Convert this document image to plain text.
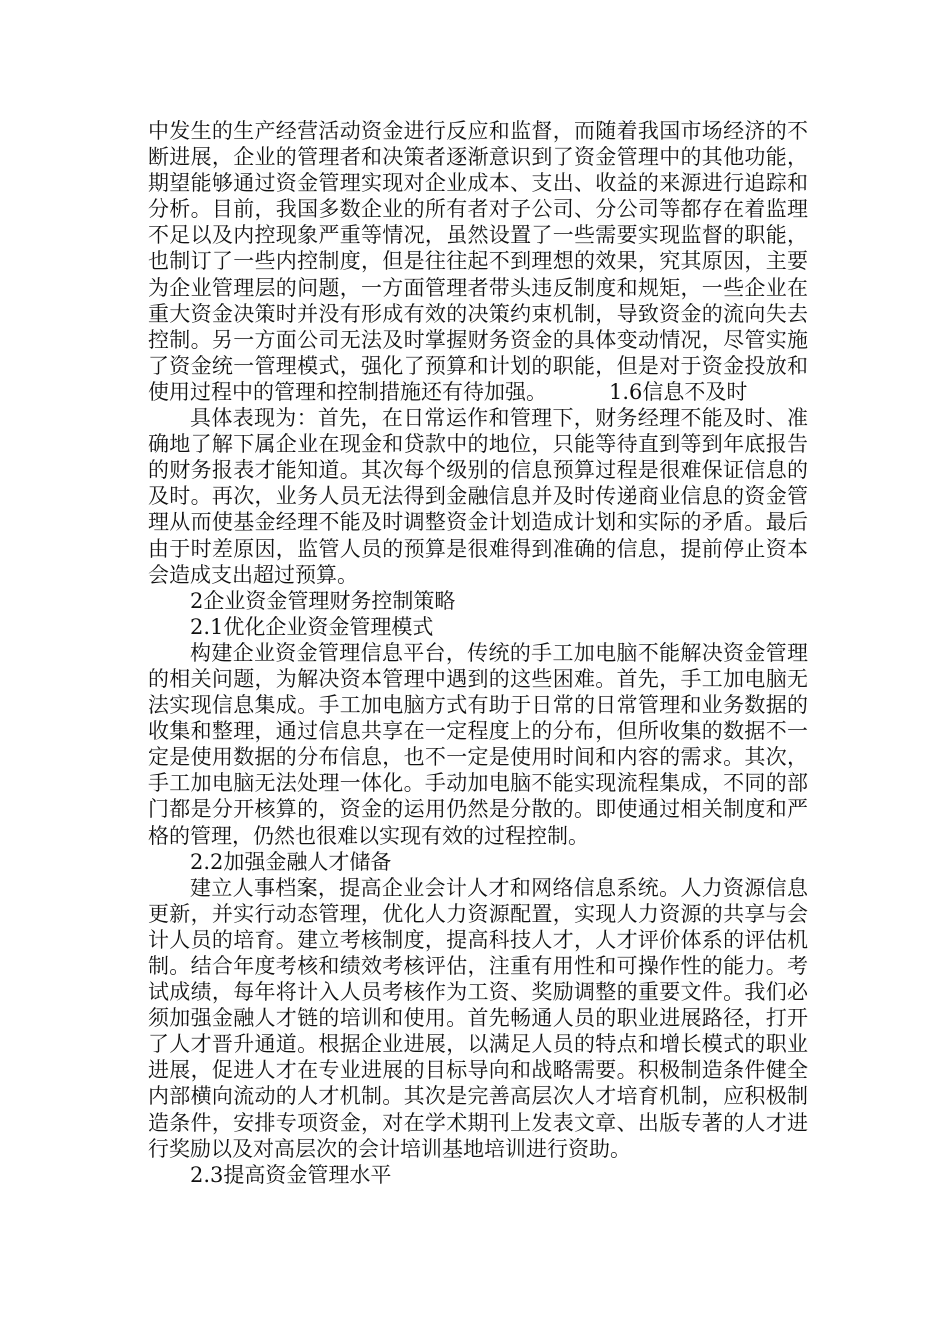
中发生的生产经营活动资金进行反应和监督，而随着我国市场经济的不断进展，企业的管理者和决策者逐渐意识到了资金管理中的其他功能，期望能够通过资金管理实现对企业成本、支出、收益的来源进行追踪和分析。目前，我国多数企业的所有者对子公司、分公司等都存在着监理不足以及内控现象严重等情况，虽然设置了一些需要实现监督的职能，也制订了一些内控制度，但是往往起不到理想的效果，究其原因，主要为企业管理层的问题，一方面管理者带头违反制度和规矩，一些企业在重大资金决策时并没有形成有效的决策约束机制，导致资金的流向失去控制。另一方面公司无法及时掌握财务资金的具体变动情况，尽管实施了资金统一管理模式，强化了预算和计划的职能，但是对于资金投放和使用过程中的管理和控制措施还有待加强。	1.6信息不及时

具体表现为：首先，在日常运作和管理下，财务经理不能及时、准确地了解下属企业在现金和贷款中的地位，只能等待直到等到年底报告的财务报表才能知道。其次每个级别的信息预算过程是很难保证信息的及时。再次，业务人员无法得到金融信息并及时传递商业信息的资金管理从而使基金经理不能及时调整资金计划造成计划和实际的矛盾。最后由于时差原因，监管人员的预算是很难得到准确的信息，提前停止资本会造成支出超过预算。

2企业资金管理财务控制策略

2.1优化企业资金管理模式

构建企业资金管理信息平台，传统的手工加电脑不能解决资金管理的相关问题，为解决资本管理中遇到的这些困难。首先，手工加电脑无法实现信息集成。手工加电脑方式有助于日常的日常管理和业务数据的收集和整理，通过信息共享在一定程度上的分布，但所收集的数据不一定是使用数据的分布信息，也不一定是使用时间和内容的需求。其次，手工加电脑无法处理一体化。手动加电脑不能实现流程集成，不同的部门都是分开核算的，资金的运用仍然是分散的。即使通过相关制度和严格的管理，仍然也很难以实现有效的过程控制。

2.2加强金融人才储备

建立人事档案，提高企业会计人才和网络信息系统。人力资源信息更新，并实行动态管理，优化人力资源配置，实现人力资源的共享与会计人员的培育。建立考核制度，提高科技人才，人才评价体系的评估机制。结合年度考核和绩效考核评估，注重有用性和可操作性的能力。考试成绩，每年将计入人员考核作为工资、奖励调整的重要文件。我们必须加强金融人才链的培训和使用。首先畅通人员的职业进展路径，打开了人才晋升通道。根据企业进展，以满足人员的特点和增长模式的职业进展，促进人才在专业进展的目标导向和战略需要。积极制造条件健全内部横向流动的人才机制。其次是完善高层次人才培育机制，应积极制造条件，安排专项资金，对在学术期刊上发表文章、出版专著的人才进行奖励以及对高层次的会计培训基地培训进行资助。

2.3提高资金管理水平
